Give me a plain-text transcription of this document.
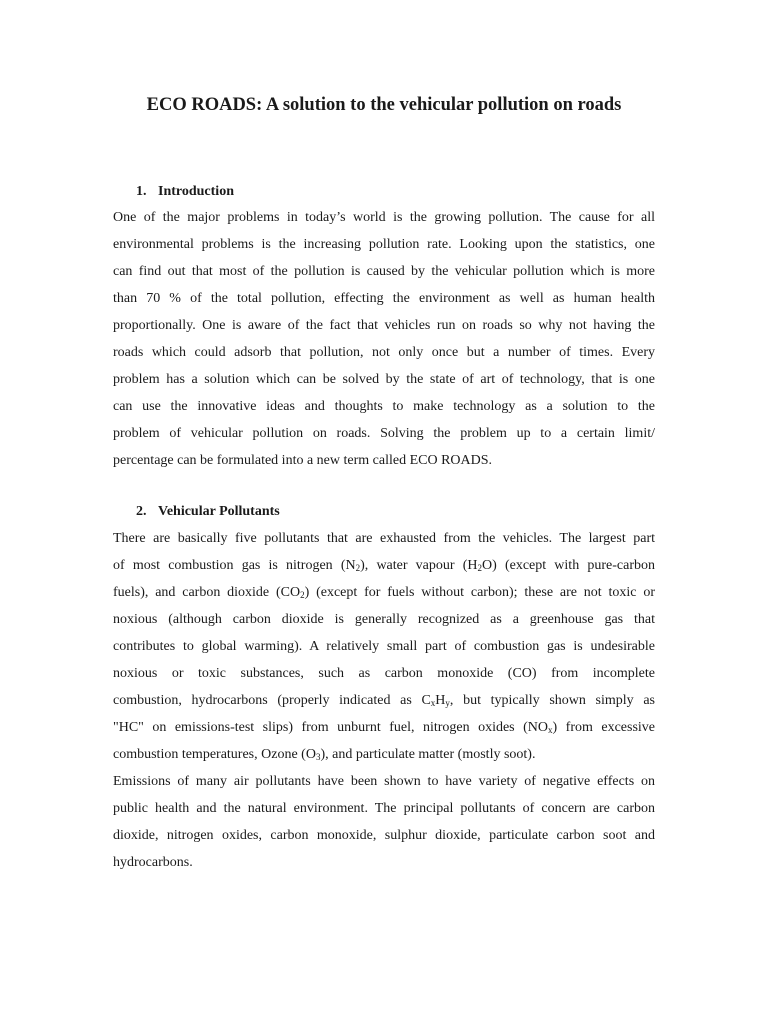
ECO ROADS: A solution to the vehicular pollution on roads
1. Introduction
One of the major problems in today’s world is the growing pollution. The cause for all
environmental problems is the increasing pollution rate. Looking upon the statistics, one
can find out that most of the pollution is caused by the vehicular pollution which is more
than 70 % of the total pollution, effecting the environment as well as human health
proportionally. One is aware of the fact that vehicles run on roads so why not having the
roads which could adsorb that pollution, not only once but a number of times. Every
problem has a solution which can be solved by the state of art of technology, that is one
can use the innovative ideas and thoughts to make technology as a solution to the
problem of vehicular pollution on roads. Solving the problem up to a certain limit/
percentage can be formulated into a new term called ECO ROADS.
2. Vehicular Pollutants
There are basically five pollutants that are exhausted from the vehicles. The largest part
of most combustion gas is nitrogen $(N_2)$, water vapour $(H_2O)$ (except with pure-carbon
fuels), and carbon dioxide $(CO_2)$ (except for fuels without carbon); these are not toxic or
noxious (although carbon dioxide is generally recognized as a greenhouse gas that
contributes to global warming). A relatively small part of combustion gas is undesirable
noxious or toxic substances, such as carbon monoxide (CO) from incomplete
combustion, hydrocarbons (properly indicated as $C_xH_y$, but typically shown simply as
"HC" on emissions-test slips) from unburnt fuel, nitrogen oxides $(NO_x)$ from excessive
combustion temperatures, Ozone $(O_3)$, and particulate matter (mostly soot).
Emissions of many air pollutants have been shown to have variety of negative effects on
public health and the natural environment. The principal pollutants of concern are carbon
dioxide, nitrogen oxides, carbon monoxide, sulphur dioxide, particulate carbon soot and
hydrocarbons.
